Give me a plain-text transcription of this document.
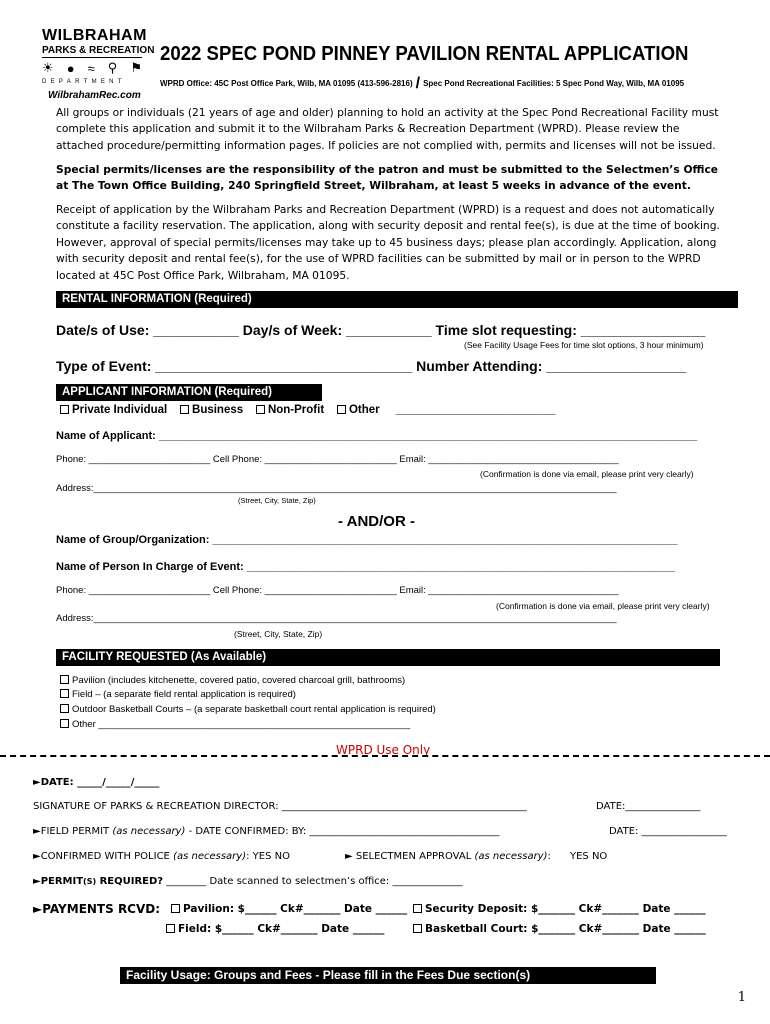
WILBRAHAM
PARKS & RECREATION
☀ ● ≈ ⚲ ⚑
DEPARTMENT
WilbrahamRec.com
2022 SPEC POND PINNEY PAVILION RENTAL APPLICATION
WPRD Office: 45C Post Office Park, Wilb, MA 01095 (413-596-2816) / Spec Pond Recreational Facilities: 5 Spec Pond Way, Wilb, MA 01095
All groups or individuals (21 years of age and older) planning to hold an activity at the Spec Pond Recreational Facility must complete this application and submit it to the Wilbraham Parks & Recreation Department (WPRD). Please review the attached procedure/permitting information pages. If policies are not complied with, permits and licenses will not be issued.
Special permits/licenses are the responsibility of the patron and must be submitted to the Selectmen’s Office at The Town Office Building, 240 Springfield Street, Wilbraham, at least 5 weeks in advance of the event.
Receipt of application by the Wilbraham Parks and Recreation Department (WPRD) is a request and does not automatically constitute a facility reservation. The application, along with security deposit and rental fee(s), is due at the time of booking. However, approval of special permits/licenses may take up to 45 business days; please plan accordingly. Application, along with security deposit and rental fee(s), for the use of WPRD facilities can be submitted by mail or in person to the WPRD located at 45C Post Office Park, Wilbraham, MA 01095.
RENTAL INFORMATION (Required)
Date/s of Use: ___________ Day/s of Week: ___________ Time slot requesting: ________________
(See Facility Usage Fees for time slot options, 3 hour minimum)
Type of Event: _________________________________ Number Attending: __________________
APPLICANT INFORMATION (Required)
Private Individual Business Non-Profit Other _________________________
Name of Applicant: ________________________________________________________________________________________
Phone: _______________________ Cell Phone: _________________________ Email: ____________________________________
(Confirmation is done via email, please print very clearly)
Address:___________________________________________________________________________________________________
(Street, City, State, Zip)
- AND/OR -
Name of Group/Organization: ____________________________________________________________________________
Name of Person In Charge of Event: ______________________________________________________________________
Phone: _______________________ Cell Phone: _________________________ Email: ____________________________________
(Confirmation is done via email, please print very clearly)
Address:___________________________________________________________________________________________________
(Street, City, State, Zip)
FACILITY REQUESTED (As Available)
Pavilion (includes kitchenette, covered patio, covered charcoal grill, bathrooms)
Field – (a separate field rental application is required)
Outdoor Basketball Courts – (a separate basketball court rental application is required)
Other ___________________________________________________________
WPRD Use Only
►DATE: _____/_____/_____
SIGNATURE OF PARKS & RECREATION DIRECTOR: _________________________________________________	DATE:_______________
►FIELD PERMIT (as necessary) - DATE CONFIRMED: BY: ______________________________________	DATE: _________________
►CONFIRMED WITH POLICE (as necessary): YES NO	► SELECTMEN APPROVAL (as necessary): YES NO
►PERMIT(S) REQUIRED? ________ Date scanned to selectmen’s office: ______________
►PAYMENTS RCVD:	Pavilion: $______ Ck#_______ Date ______	Security Deposit: $_______ Ck#_______ Date ______
Field: $______ Ck#_______ Date ______	Basketball Court: $_______ Ck#_______ Date ______
Facility Usage: Groups and Fees - Please fill in the Fees Due section(s)
1
